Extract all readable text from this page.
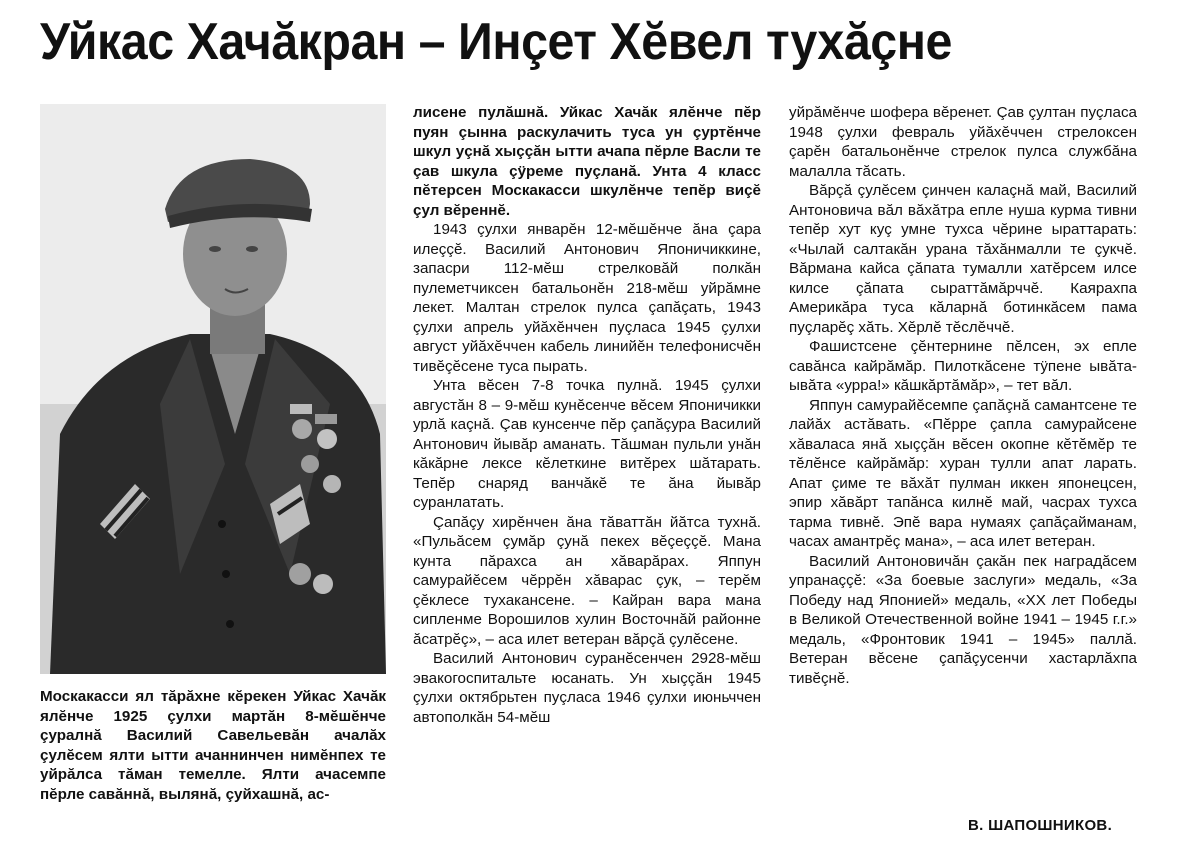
Уйкас Хачăкран – Инçет Хĕвел тухăçне
Москакасси ял тăрăхне кĕрекен Уйкас Хачăк ялĕнче 1925 çулхи мартăн 8-мĕшĕнче çуралнă Василий Савельевăн ачалăх çулĕсем ялти ытти ачаннинчен нимĕнпех те уйрăлса тăман темелле. Ялти ачасемпе пĕрле савăннă, вылянă, çуйхашнă, ас-

лисене пулăшнă. Уйкас Хачăк ялĕнче пĕр пуян çынна раскулачить туса ун çуртĕнче шкул уçнă хыççăн ытти ачапа пĕрле Васли те çав шкула çÿреме пуçланă. Унта 4 класс пĕтерсен Москакасси шкулĕнче тепĕр виçĕ çул вĕреннĕ.

1943 çулхи январĕн 12-мĕшĕнче ăна çара илеççĕ. Василий Антонович Японичиккине, запасри 112-мĕш стрелковăй полкăн пулеметчиксен батальонĕн 218-мĕш уйрăмне лекет. Малтан стрелок пулса çапăçать, 1943 çулхи апрель уйăхĕнчен пуçласа 1945 çулхи август уйăхĕччен кабель линийĕн телефонисчĕн тивĕçĕсене туса пырать.

Унта вĕсен 7-8 точка пулнă. 1945 çулхи августăн 8 – 9-мĕш кунĕсенче вĕсем Японичикки урлă каçнă. Çав кунсенче пĕр çапăçура Василий Антонович йывăр аманать. Тăшман пульли унăн кăкăрне лексе кĕлеткине витĕрех шăтарать. Тепĕр снаряд ванчăкĕ те ăна йывăр суранлатать.

Çапăçу хирĕнчен ăна тăваттăн йăтса тухнă. «Пульăсем çумăр çунă пекех вĕçеççĕ. Мана кунта пăрахса ан хăварăрах. Яппун самурайĕсем чĕррĕн хăварас çук, – терĕм çĕклесе тухакансене. – Кайран вара мана сипленме Ворошилов хулин Восточнăй районне ăсатрĕç», – аса илет ветеран вăрçă çулĕсене.

Василий Антонович суранĕсенчен 2928-мĕш эвакогоспитальте юсанать. Ун хыççăн 1945 çулхи октябрьтен пуçласа 1946 çулхи июньччен автополкăн 54-мĕш

уйрăмĕнче шофера вĕренет. Çав çултан пуçласа 1948 çулхи февраль уйăхĕччен стрелоксен çарĕн батальонĕнче стрелок пулса службăна малалла тăсать.

Вăрçă çулĕсем çинчен калаçнă май, Василий Антоновича вăл вăхăтра епле нуша курма тивни тепĕр хут куç умне тухса чĕрине ыраттарать: «Чылай салтакăн урана тăхăнмалли те çукчĕ. Вăрмана кайса çăпата тумалли хатĕрсем илсе килсе çăпата сыраттăмăрччĕ. Каярахпа Америкăра туса кăларнă ботинкăсем пама пуçларĕç хăть. Хĕрлĕ тĕслĕччĕ.

Фашистсене çĕнтернине пĕлсен, эх епле савăнса кайрăмăр. Пилоткăсене тÿпене ывăта-ывăта «урра!» кăшкăртăмăр», – тет вăл.

Яппун самурайĕсемпе çапăçнă самантсене те лайăх астăвать. «Пĕрре çапла самурайсене хăваласа янă хыççăн вĕсен окопне кĕтĕмĕр те тĕлĕнсе кайрăмăр: хуран тулли апат ларать. Апат çиме те вăхăт пулман иккен японецсен, эпир хăвăрт тапăнса килнĕ май, часрах тухса тарма тивнĕ. Эпĕ вара нумаях çапăçайманам, часах амантрĕç мана», – аса илет ветеран.

Василий Антоновичăн çакăн пек наградăсем упранаççĕ: «За боевые заслуги» медаль, «За Победу над Японией» медаль, «XX лет Победы в Великой Отечественной войне 1941 – 1945 г.г.» медаль, «Фронтовик 1941 – 1945» паллă. Ветеран вĕсене çапăçусенчи хастарлăхпа тивĕçнĕ.

В. ШАПОШНИКОВ.
